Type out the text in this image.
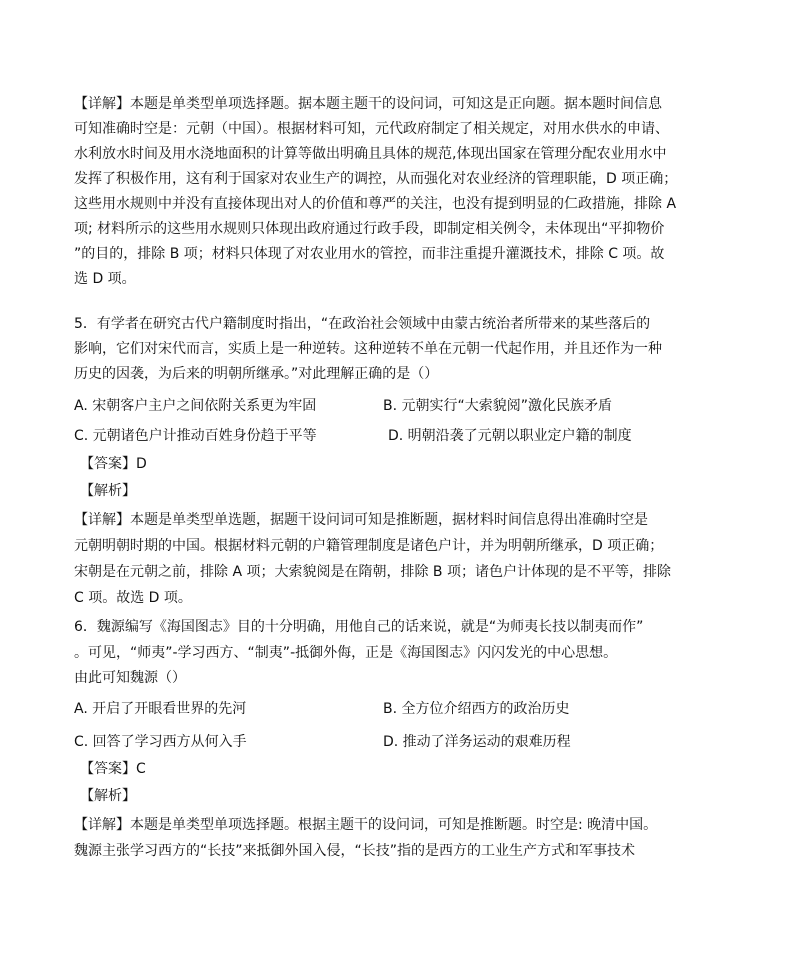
【详解】本题是单类型单项选择题。据本题主题干的设问词，可知这是正向题。据本题时间信息
可知准确时空是：元朝（中国）。根据材料可知，元代政府制定了相关规定，对用水供水的申请、
水利放水时间及用水浇地面积的计算等做出明确且具体的规范,体现出国家在管理分配农业用水中
发挥了积极作用，这有利于国家对农业生产的调控，从而强化对农业经济的管理职能，D 项正确；
这些用水规则中并没有直接体现出对人的价值和尊严的关注，也没有提到明显的仁政措施，排除 A
项; 材料所示的这些用水规则只体现出政府通过行政手段，即制定相关例令，未体现出“平抑物价
”的目的，排除 B 项；材料只体现了对农业用水的管控，而非注重提升灌溉技术，排除 C 项。故
选 D 项。
5．有学者在研究古代户籍制度时指出，“在政治社会领域中由蒙古统治者所带来的某些落后的
影响，它们对宋代而言，实质上是一种逆转。这种逆转不单在元朝一代起作用，并且还作为一种
历史的因袭，为后来的明朝所继承。”对此理解正确的是（）
A. 宋朝客户主户之间依附关系更为牢固	B. 元朝实行“大索貌阅”激化民族矛盾
C. 元朝诸色户计推动百姓身份趋于平等	D. 明朝沿袭了元朝以职业定户籍的制度
【答案】D
【解析】
【详解】本题是单类型单选题，据题干设问词可知是推断题，据材料时间信息得出准确时空是
元朝明朝时期的中国。根据材料元朝的户籍管理制度是诸色户计，并为明朝所继承，D 项正确；
宋朝是在元朝之前，排除 A 项；大索貌阅是在隋朝，排除 B 项；诸色户计体现的是不平等，排除
C 项。故选 D 项。
6．魏源编写《海国图志》目的十分明确，用他自己的话来说，就是“为师夷长技以制夷而作”
。可见，“师夷”-学习西方、“制夷”-抵御外侮，正是《海国图志》闪闪发光的中心思想。
由此可知魏源（）
A. 开启了开眼看世界的先河	B. 全方位介绍西方的政治历史
C. 回答了学习西方从何入手	D. 推动了洋务运动的艰难历程
【答案】C
【解析】
【详解】本题是单类型单项选择题。根据主题干的设问词，可知是推断题。时空是: 晚清中国。
魏源主张学习西方的“长技”来抵御外国入侵，“长技”指的是西方的工业生产方式和军事技术
